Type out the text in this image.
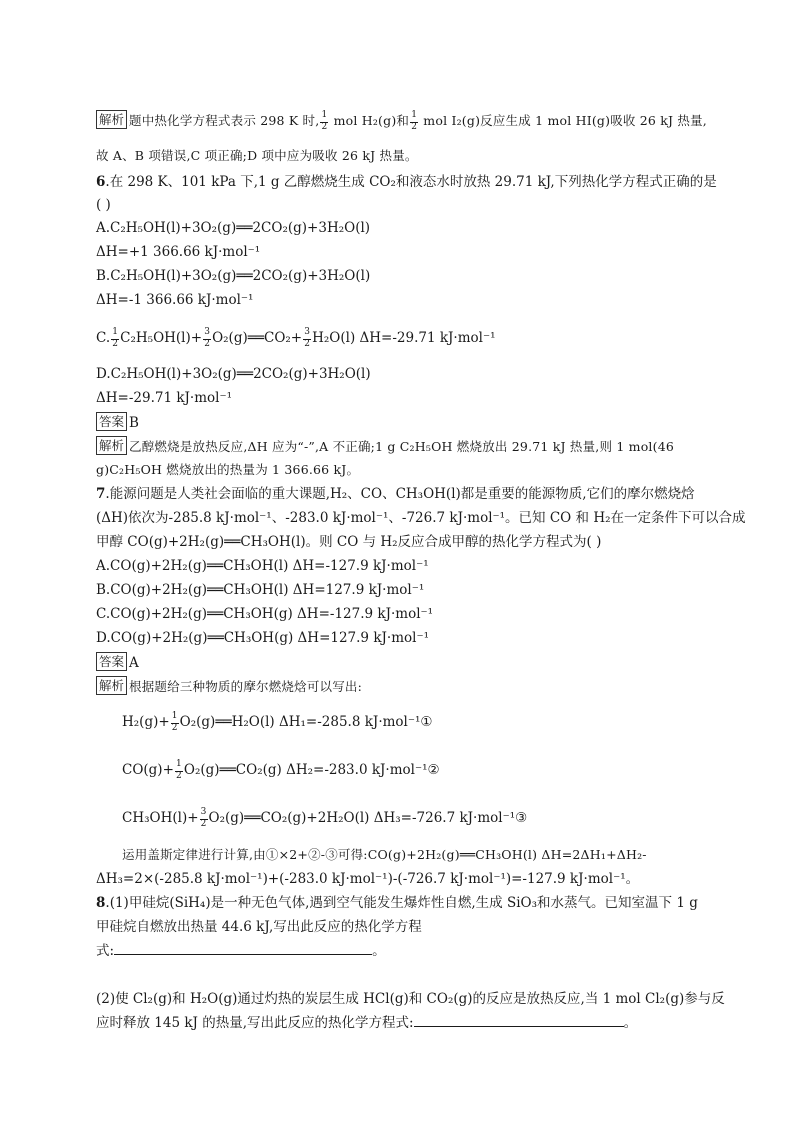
解析 题中热化学方程式表示 298 K 时, $\frac{1}{2}$ mol H₂(g)和 $\frac{1}{2}$ mol I₂(g)反应生成 1 mol HI(g)吸收 26 kJ 热量,
故 A、B 项错误,C 项正确;D 项中应为吸收 26 kJ 热量。
6.在 298 K、101 kPa 下,1 g 乙醇燃烧生成 CO₂和液态水时放热 29.71 kJ,下列热化学方程式正确的是
( )
A.C₂H₅OH(l)+3O₂(g)══2CO₂(g)+3H₂O(l)
ΔH=+1 366.66 kJ·mol⁻¹
B.C₂H₅OH(l)+3O₂(g)══2CO₂(g)+3H₂O(l)
ΔH=-1 366.66 kJ·mol⁻¹
C. $\frac{1}{2} C_2H_5OH(l)+ \frac{3}{2}$ O₂(g)══CO₂+ $\frac{3}{2} H_2O(l)$ ΔH=-29.71 kJ·mol⁻¹
D.C₂H₅OH(l)+3O₂(g)══2CO₂(g)+3H₂O(l)
ΔH=-29.71 kJ·mol⁻¹
答案 B
解析 乙醇燃烧是放热反应,ΔH 应为“-”,A 不正确;1 g C₂H₅OH 燃烧放出 29.71 kJ 热量,则 1 mol(46
g)C₂H₅OH 燃烧放出的热量为 1 366.66 kJ。
7.能源问题是人类社会面临的重大课题,H₂、CO、CH₃OH(l)都是重要的能源物质,它们的摩尔燃烧焓
(ΔH)依次为-285.8 kJ·mol⁻¹、-283.0 kJ·mol⁻¹、-726.7 kJ·mol⁻¹。已知 CO 和 H₂在一定条件下可以合成
甲醇 CO(g)+2H₂(g)══CH₃OH(l)。则 CO 与 H₂反应合成甲醇的热化学方程式为( )
A.CO(g)+2H₂(g)══CH₃OH(l) ΔH=-127.9 kJ·mol⁻¹
B.CO(g)+2H₂(g)══CH₃OH(l) ΔH=127.9 kJ·mol⁻¹
C.CO(g)+2H₂(g)══CH₃OH(g) ΔH=-127.9 kJ·mol⁻¹
D.CO(g)+2H₂(g)══CH₃OH(g) ΔH=127.9 kJ·mol⁻¹
答案 A
解析 根据题给三种物质的摩尔燃烧焓可以写出:
$H_2(g)+ \frac{1}{2}$ O₂(g)══H₂O(l) ΔH₁=-285.8 kJ·mol⁻¹①
$CO(g)+ \frac{1}{2}$ O₂(g)══CO₂(g) ΔH₂=-283.0 kJ·mol⁻¹②
$CH_3OH(l)+ \frac{3}{2}$ O₂(g)══CO₂(g)+2H₂O(l) ΔH₃=-726.7 kJ·mol⁻¹③
运用盖斯定律进行计算,由①×2+②-③可得:CO(g)+2H₂(g)══CH₃OH(l) ΔH=2ΔH₁+ΔH₂-
ΔH₃=2×(-285.8 kJ·mol⁻¹)+(-283.0 kJ·mol⁻¹)-(-726.7 kJ·mol⁻¹)=-127.9 kJ·mol⁻¹。
8.(1)甲硅烷(SiH₄)是一种无色气体,遇到空气能发生爆炸性自燃,生成 SiO₃和水蒸气。已知室温下 1 g
甲硅烷自燃放出热量 44.6 kJ,写出此反应的热化学方程
式:	。
(2)使 Cl₂(g)和 H₂O(g)通过灼热的炭层生成 HCl(g)和 CO₂(g)的反应是放热反应,当 1 mol Cl₂(g)参与反
应时释放 145 kJ 的热量,写出此反应的热化学方程式:	。
